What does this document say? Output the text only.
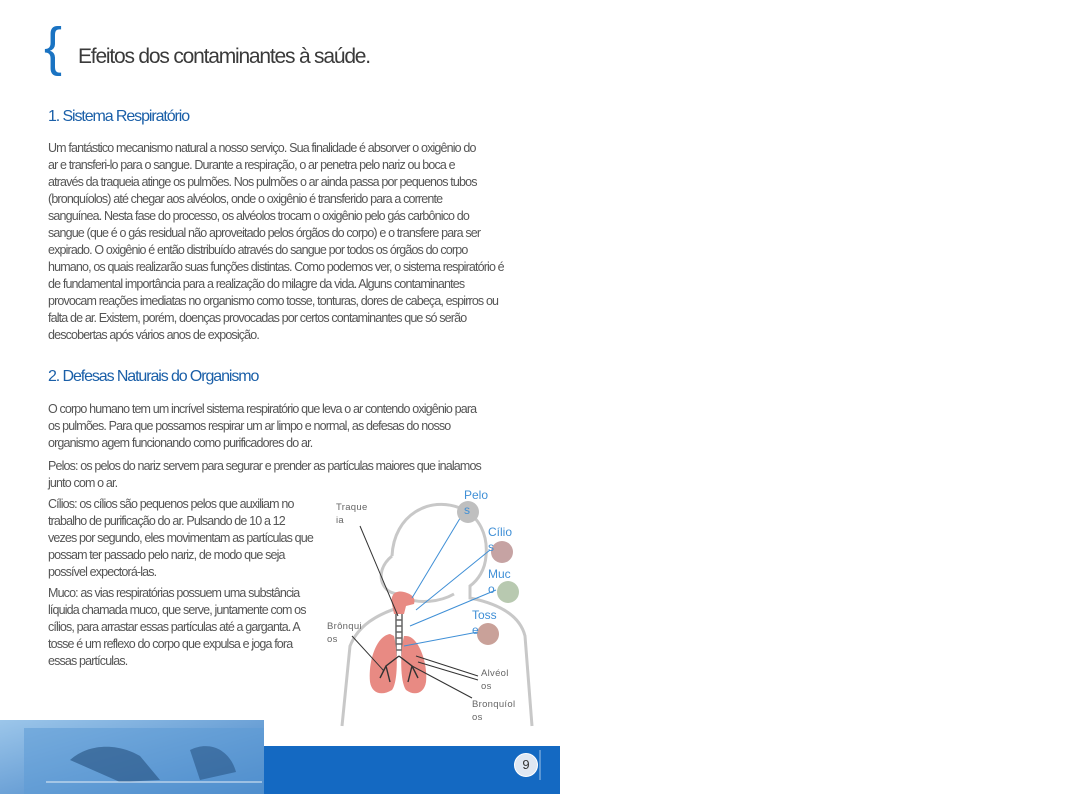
{ Efeitos dos contaminantes à saúde.
1. Sistema Respiratório

Um fantástico mecanismo natural a nosso serviço. Sua finalidade é absorver o oxigênio do
ar e transferi-lo para o sangue. Durante a respiração, o ar penetra pelo nariz ou boca e
através da traqueia atinge os pulmões. Nos pulmões o ar ainda passa por pequenos tubos
(bronquíolos) até chegar aos alvéolos, onde o oxigênio é transferido para a corrente
sanguínea. Nesta fase do processo, os alvéolos trocam o oxigênio pelo gás carbônico do
sangue (que é o gás residual não aproveitado pelos órgãos do corpo) e o transfere para ser
expirado. O oxigênio é então distribuído através do sangue por todos os órgãos do corpo
humano, os quais realizarão suas funções distintas. Como podemos ver, o sistema respiratório é
de fundamental importância para a realização do milagre da vida. Alguns contaminantes
provocam reações imediatas no organismo como tosse, tonturas, dores de cabeça, espirros ou
falta de ar. Existem, porém, doenças provocadas por certos contaminantes que só serão
descobertas após vários anos de exposição.

2. Defesas Naturais do Organismo

O corpo humano tem um incrível sistema respiratório que leva o ar contendo oxigênio para
os pulmões. Para que possamos respirar um ar limpo e normal, as defesas do nosso
organismo agem funcionando como purificadores do ar.

Pelos: os pelos do nariz servem para segurar e prender as partículas maiores que inalamos
junto com o ar.

Cílios: os cílios são pequenos pelos que auxiliam no
trabalho de purificação do ar. Pulsando de 10 a 12
vezes por segundo, eles movimentam as partículas que
possam ter passado pelo nariz, de modo que seja
possível expectorá-las.

Muco: as vias respiratórias possuem uma substância
líquida chamada muco, que serve, juntamente com os
cílios, para arrastar essas partículas até a garganta. A
tosse é um reflexo do corpo que expulsa e joga fora
essas partículas.

Traque
ia
Brônqui
os
Alvéol
os
Bronquíol
os
Pelo
s
Cílio
s
Muc
o
Toss
e
9
